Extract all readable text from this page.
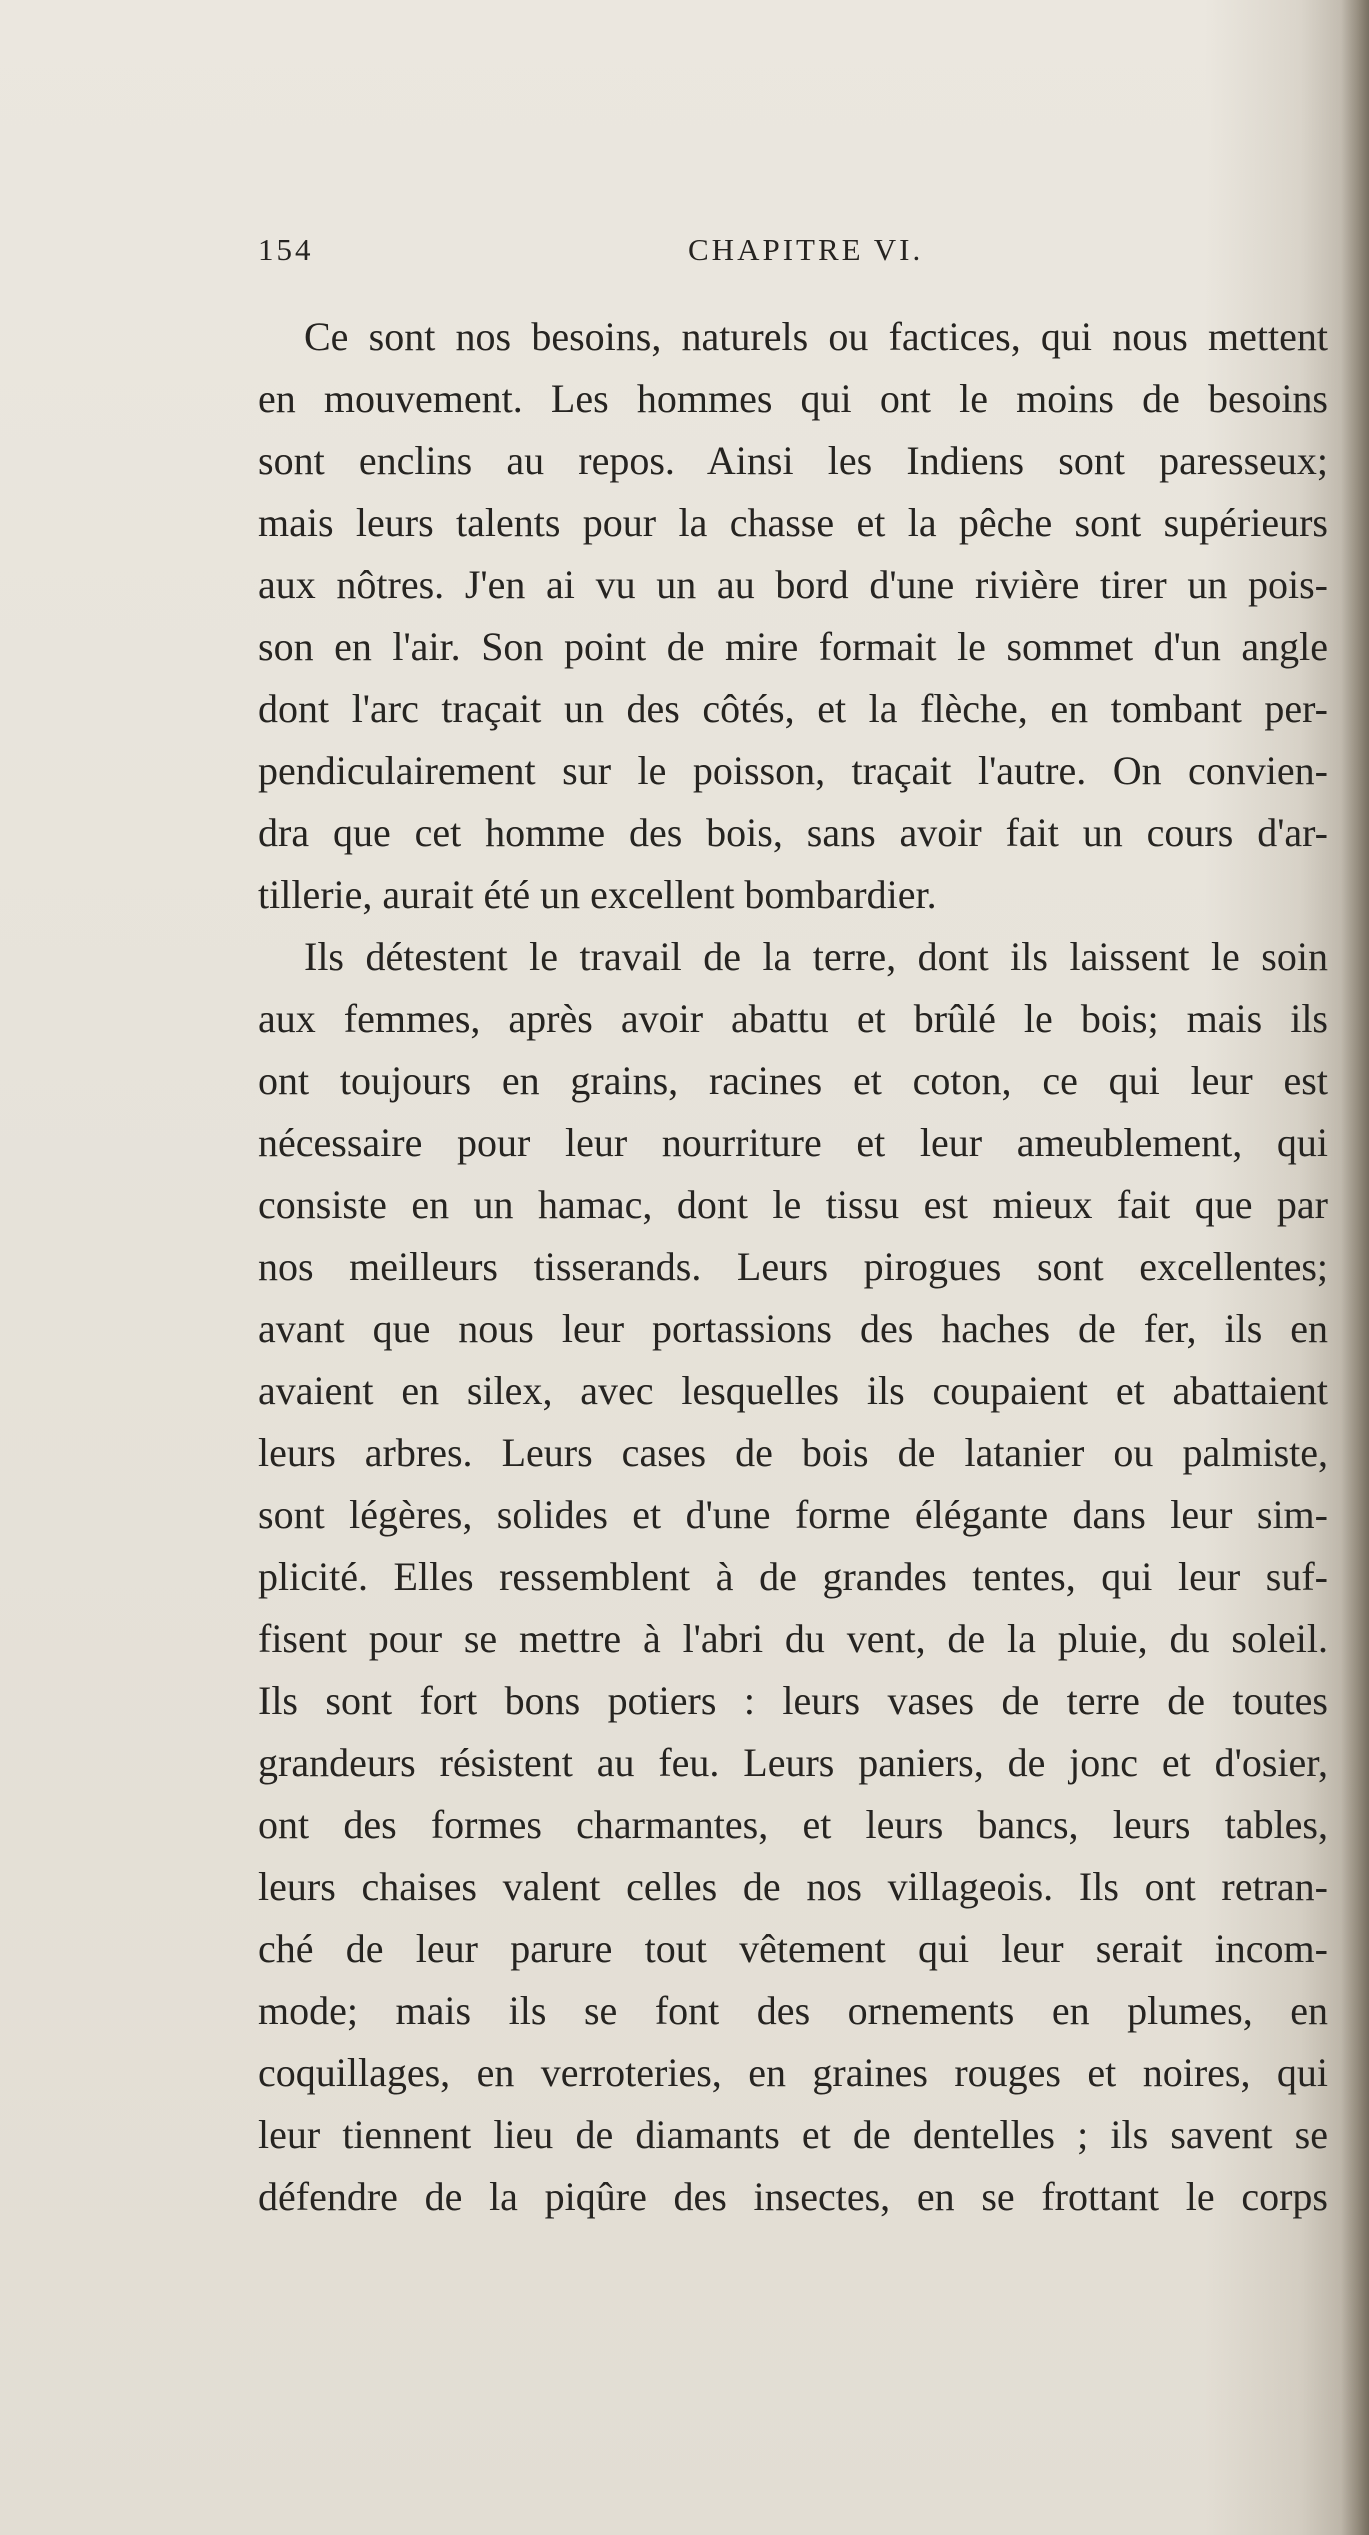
154	CHAPITRE VI.
Ce sont nos besoins, naturels ou factices, qui nous mettent
en mouvement. Les hommes qui ont le moins de besoins
sont enclins au repos. Ainsi les Indiens sont paresseux;
mais leurs talents pour la chasse et la pêche sont supérieurs
aux nôtres. J'en ai vu un au bord d'une rivière tirer un pois-
son en l'air. Son point de mire formait le sommet d'un angle
dont l'arc traçait un des côtés, et la flèche, en tombant per-
pendiculairement sur le poisson, traçait l'autre. On convien-
dra que cet homme des bois, sans avoir fait un cours d'ar-
tillerie, aurait été un excellent bombardier.
Ils détestent le travail de la terre, dont ils laissent le soin
aux femmes, après avoir abattu et brûlé le bois; mais ils
ont toujours en grains, racines et coton, ce qui leur est
nécessaire pour leur nourriture et leur ameublement, qui
consiste en un hamac, dont le tissu est mieux fait que par
nos meilleurs tisserands. Leurs pirogues sont excellentes;
avant que nous leur portassions des haches de fer, ils en
avaient en silex, avec lesquelles ils coupaient et abattaient
leurs arbres. Leurs cases de bois de latanier ou palmiste,
sont légères, solides et d'une forme élégante dans leur sim-
plicité. Elles ressemblent à de grandes tentes, qui leur suf-
fisent pour se mettre à l'abri du vent, de la pluie, du soleil.
Ils sont fort bons potiers : leurs vases de terre de toutes
grandeurs résistent au feu. Leurs paniers, de jonc et d'osier,
ont des formes charmantes, et leurs bancs, leurs tables,
leurs chaises valent celles de nos villageois. Ils ont retran-
ché de leur parure tout vêtement qui leur serait incom-
mode; mais ils se font des ornements en plumes, en
coquillages, en verroteries, en graines rouges et noires, qui
leur tiennent lieu de diamants et de dentelles ; ils savent se
défendre de la piqûre des insectes, en se frottant le corps
